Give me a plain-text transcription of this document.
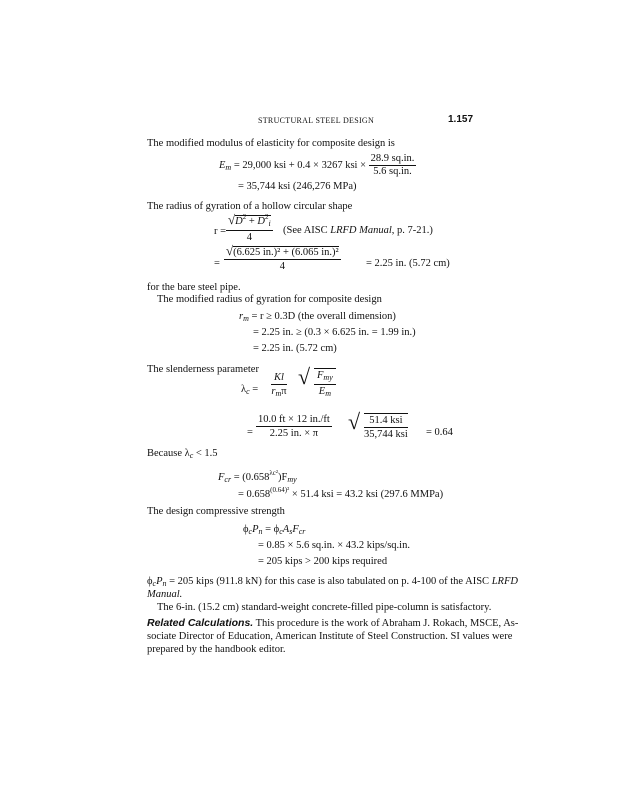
STRUCTURAL STEEL DESIGN	1.157
The modified modulus of elasticity for composite design is
Em = 29,000 ksi + 0.4 × 3267 ksi × $\frac{28.9 sq.in.}{5.6 sq.in.}$
= 35,744 ksi (246,276 MPa)
The radius of gyration of a hollow circular shape
r =
$√D^2 + D^2i$
4
(See AISC LRFD Manual, p. 7-21.)
=
√(6.625 in.)² + (6.065 in.)²
4	= 2.25 in. (5.72 cm)
for the bare steel pipe.
The modified radius of gyration for composite design
rm = r ≥ 0.3D (the overall dimension)
= 2.25 in. ≥ (0.3 × 6.625 in. = 1.99 in.)
= 2.25 in. (5.72 cm)
The slenderness parameter
λc =
Kl
rmπ
√ Fmy
Em
=
10.0 ft × 12 in./ft
2.25 in. × π	√ 51.4 ksi
35,744 ksi = 0.64
Because λc < 1.5
Fcr = $(0.658^{\lambda c^2})Fmy$
= $0.658^{(0.64)^2} \times 51.4$ ksi = 43.2 ksi (297.6 MMPa)
The design compressive strength
ϕcPn = ϕcAsFcr
= 0.85 × 5.6 sq.in. × 43.2 kips/sq.in.
= 205 kips > 200 kips required
ϕcPn = 205 kips (911.8 kN) for this case is also tabulated on p. 4-100 of the AISC LRFD
Manual.
The 6-in. (15.2 cm) standard-weight concrete-filled pipe-column is satisfactory.
Related Calculations. This procedure is the work of Abraham J. Rokach, MSCE, As-
sociate Director of Education, American Institute of Steel Construction. SI values were
prepared by the handbook editor.
